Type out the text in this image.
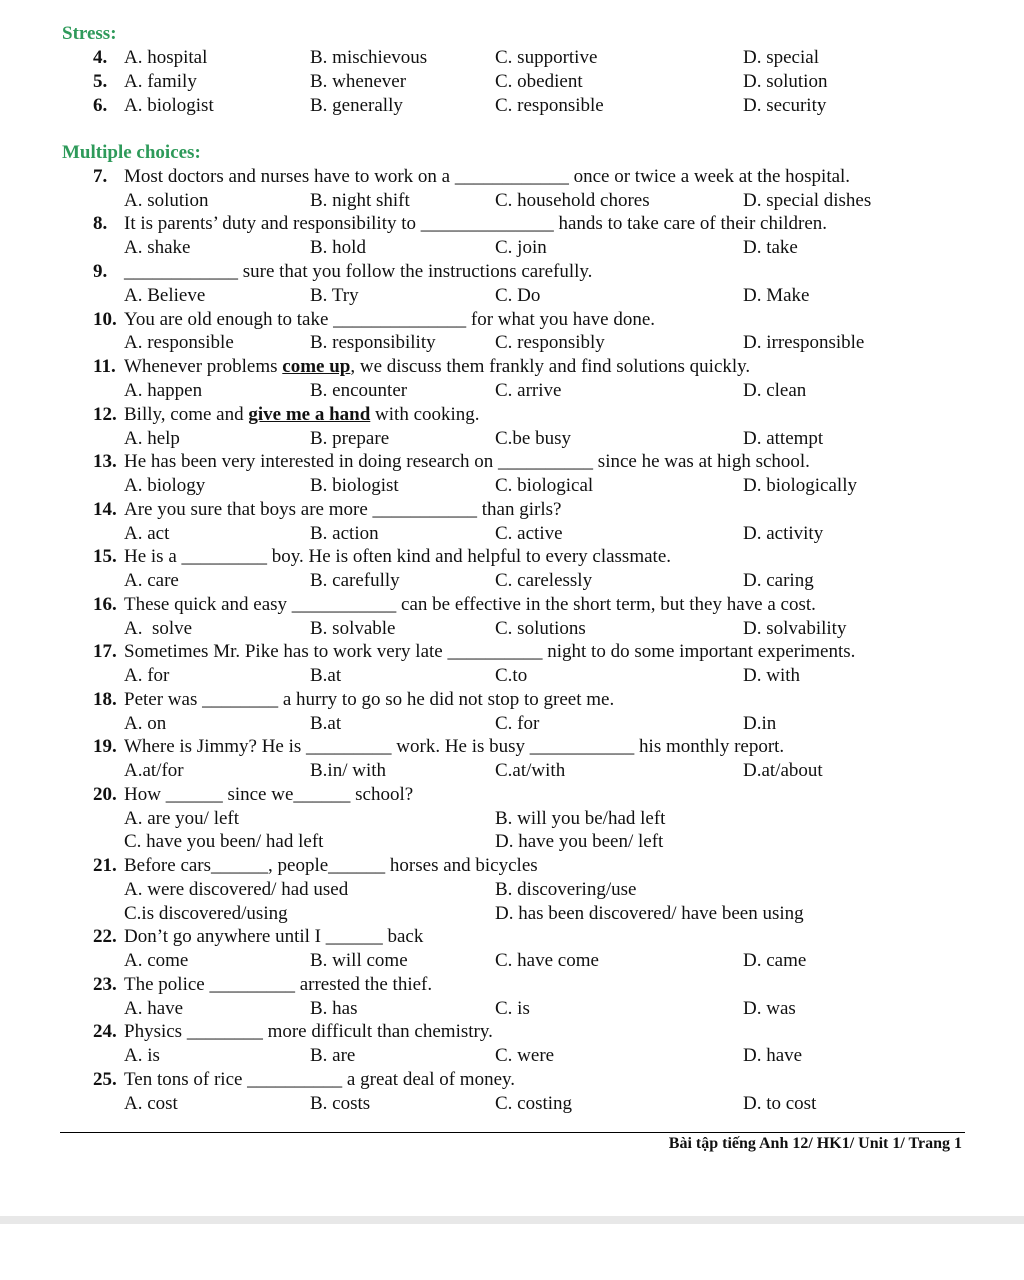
Stress:
4. A. hospital	B. mischievous	C. supportive	D. special
5. A. family	B. whenever	C. obedient	D. solution
6. A. biologist	B. generally	C. responsible	D. security
Multiple choices:
7. Most doctors and nurses have to work on a ____________ once or twice a week at the hospital.
A. solution	B. night shift	C. household chores	D. special dishes
8. It is parents’ duty and responsibility to ______________ hands to take care of their children.
A. shake	B. hold	C. join	D. take
9. ____________ sure that you follow the instructions carefully.
A. Believe	B. Try	C. Do	D. Make
10. You are old enough to take ______________ for what you have done.
A. responsible	B. responsibility	C. responsibly	D. irresponsible
11. Whenever problems come up, we discuss them frankly and find solutions quickly.
A. happen	B. encounter	C. arrive	D. clean
12. Billy, come and give me a hand with cooking.
A. help	B. prepare	C.be busy	D. attempt
13. He has been very interested in doing research on __________ since he was at high school.
A. biology	B. biologist	C. biological	D. biologically
14. Are you sure that boys are more ___________ than girls?
A. act	B. action	C. active	D. activity
15. He is a _________ boy. He is often kind and helpful to every classmate.
A. care	B. carefully	C. carelessly	D. caring
16. These quick and easy ___________ can be effective in the short term, but they have a cost.
A.  solve	B. solvable	C. solutions	D. solvability
17. Sometimes Mr. Pike has to work very late __________ night to do some important experiments.
A. for	B.at	C.to	D. with
18. Peter was ________ a hurry to go so he did not stop to greet me.
A. on	B.at	C. for	D.in
19. Where is Jimmy? He is _________ work. He is busy ___________ his monthly report.
A.at/for	B.in/ with	C.at/with	D.at/about
20. How ______ since we______ school?
A. are you/ left	B. will you be/had left
C. have you been/ had left	D. have you been/ left
21. Before cars______, people______ horses and bicycles
A. were discovered/ had used	B. discovering/use
C.is discovered/using	D. has been discovered/ have been using
22. Don’t go anywhere until I ______ back
A. come	B. will come	C. have come	D. came
23. The police _________ arrested the thief.
A. have	B. has	C. is	D. was
24. Physics ________ more difficult than chemistry.
A. is	B. are	C. were	D. have
25. Ten tons of rice __________ a great deal of money.
A. cost	B. costs	C. costing	D. to cost
Bài tập tiếng Anh 12/ HK1/ Unit 1/ Trang 1
